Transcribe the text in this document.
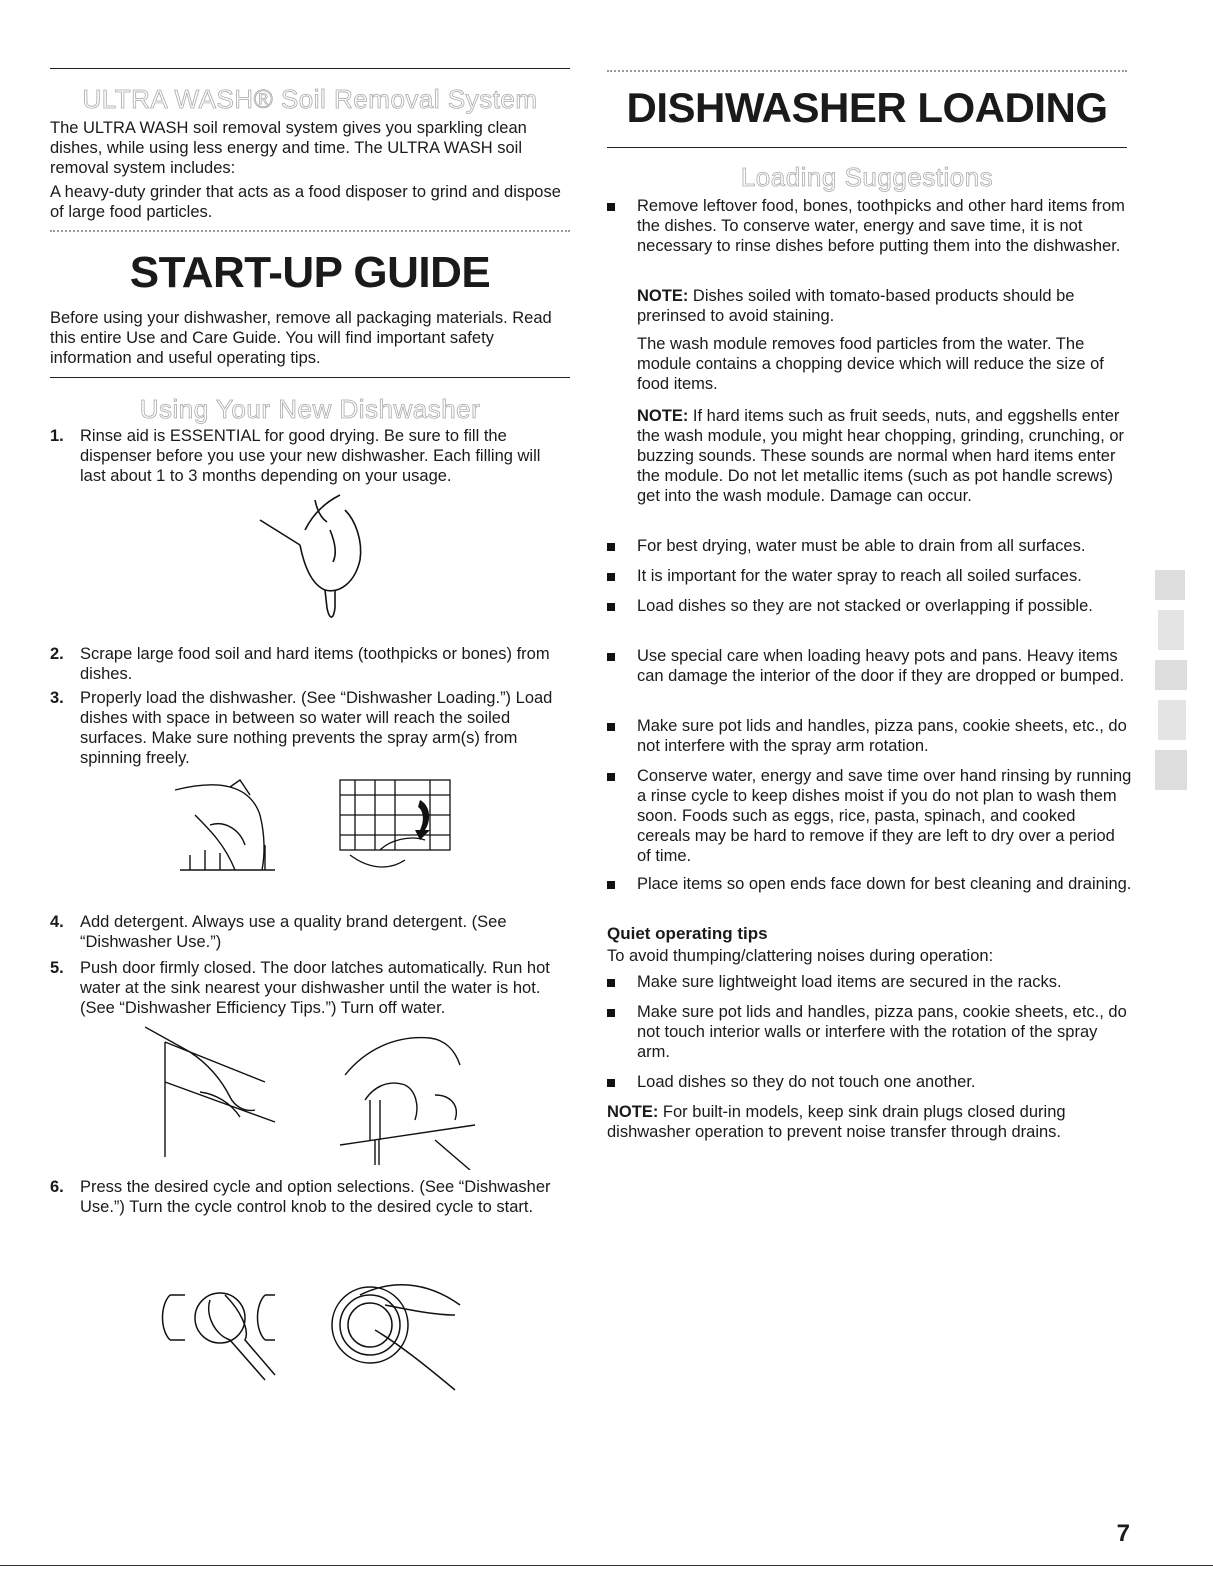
ULTRA WASH® Soil Removal System
The ULTRA WASH soil removal system gives you sparkling clean dishes, while using less energy and time. The ULTRA WASH soil removal system includes:
A heavy-duty grinder that acts as a food disposer to grind and dispose of large food particles.
START-UP GUIDE
Before using your dishwasher, remove all packaging materials. Read this entire Use and Care Guide. You will find important safety information and useful operating tips.
Using Your New Dishwasher
1. Rinse aid is ESSENTIAL for good drying. Be sure to fill the dispenser before you use your new dishwasher. Each filling will last about 1 to 3 months depending on your usage.
2. Scrape large food soil and hard items (toothpicks or bones) from dishes.
3. Properly load the dishwasher. (See “Dishwasher Loading.”) Load dishes with space in between so water will reach the soiled surfaces. Make sure nothing prevents the spray arm(s) from spinning freely.
4. Add detergent. Always use a quality brand detergent. (See “Dishwasher Use.”)
5. Push door firmly closed. The door latches automatically. Run hot water at the sink nearest your dishwasher until the water is hot. (See “Dishwasher Efficiency Tips.”) Turn off water.
6. Press the desired cycle and option selections. (See “Dishwasher Use.”) Turn the cycle control knob to the desired cycle to start.
DISHWASHER LOADING
Loading Suggestions
Remove leftover food, bones, toothpicks and other hard items from the dishes. To conserve water, energy and save time, it is not necessary to rinse dishes before putting them into the dishwasher.
NOTE: Dishes soiled with tomato-based products should be prerinsed to avoid staining.
The wash module removes food particles from the water. The module contains a chopping device which will reduce the size of food items.
NOTE: If hard items such as fruit seeds, nuts, and eggshells enter the wash module, you might hear chopping, grinding, crunching, or buzzing sounds. These sounds are normal when hard items enter the module. Do not let metallic items (such as pot handle screws) get into the wash module. Damage can occur.
For best drying, water must be able to drain from all surfaces.
It is important for the water spray to reach all soiled surfaces.
Load dishes so they are not stacked or overlapping if possible.
Use special care when loading heavy pots and pans. Heavy items can damage the interior of the door if they are dropped or bumped.
Make sure pot lids and handles, pizza pans, cookie sheets, etc., do not interfere with the spray arm rotation.
Conserve water, energy and save time over hand rinsing by running a rinse cycle to keep dishes moist if you do not plan to wash them soon. Foods such as eggs, rice, pasta, spinach, and cooked cereals may be hard to remove if they are left to dry over a period of time.
Place items so open ends face down for best cleaning and draining.
Quiet operating tips
To avoid thumping/clattering noises during operation:
Make sure lightweight load items are secured in the racks.
Make sure pot lids and handles, pizza pans, cookie sheets, etc., do not touch interior walls or interfere with the rotation of the spray arm.
Load dishes so they do not touch one another.
NOTE: For built-in models, keep sink drain plugs closed during dishwasher operation to prevent noise transfer through drains.
7
